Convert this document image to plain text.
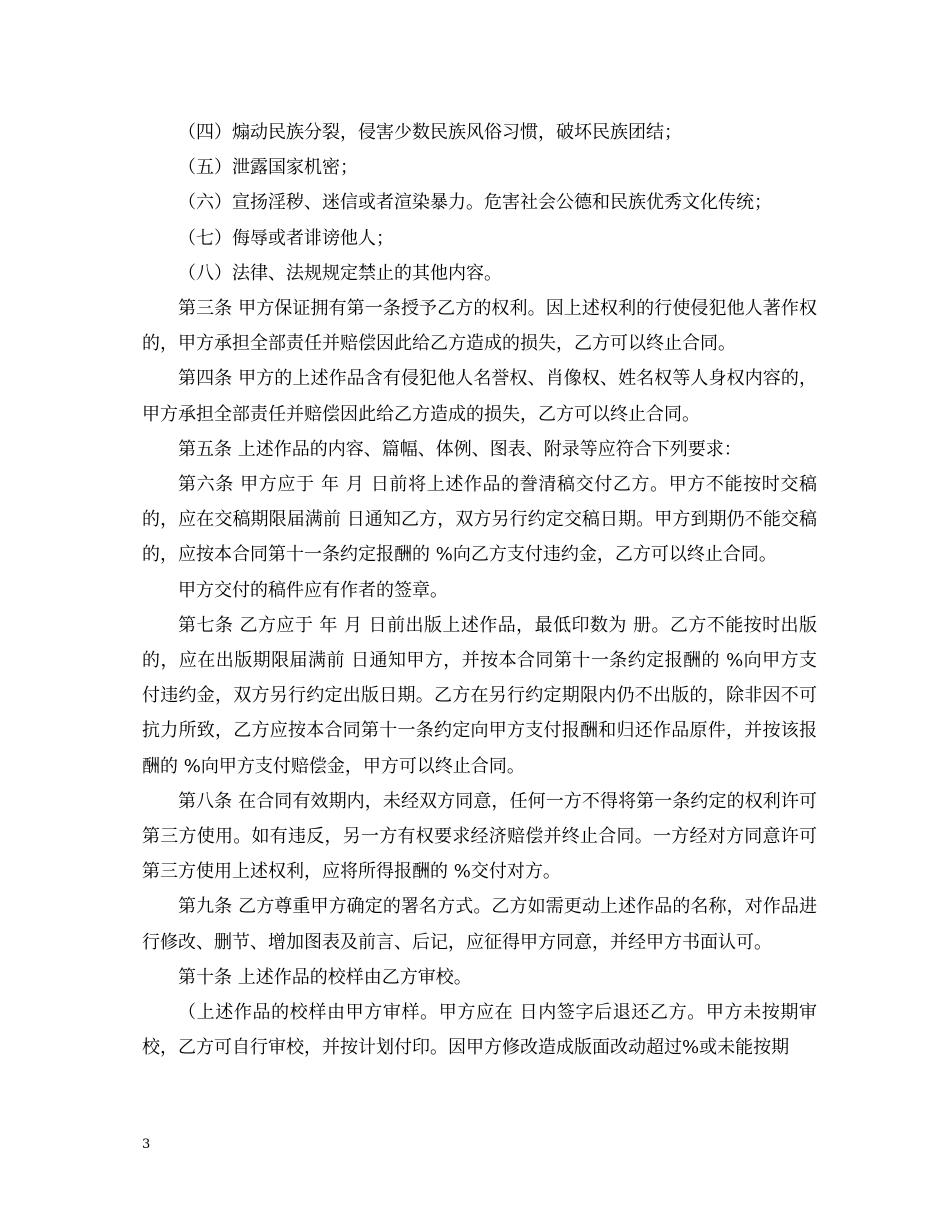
（四）煽动民族分裂，侵害少数民族风俗习惯，破坏民族团结；

（五）泄露国家机密；

（六）宣扬淫秽、迷信或者渲染暴力。危害社会公德和民族优秀文化传统；

（七）侮辱或者诽谤他人；

（八）法律、法规规定禁止的其他内容。

第三条 甲方保证拥有第一条授予乙方的权利。因上述权利的行使侵犯他人著作权的，甲方承担全部责任并赔偿因此给乙方造成的损失，乙方可以终止合同。

第四条 甲方的上述作品含有侵犯他人名誉权、肖像权、姓名权等人身权内容的，甲方承担全部责任并赔偿因此给乙方造成的损失，乙方可以终止合同。

第五条 上述作品的内容、篇幅、体例、图表、附录等应符合下列要求：

第六条 甲方应于 年 月 日前将上述作品的誊清稿交付乙方。甲方不能按时交稿的，应在交稿期限届满前 日通知乙方，双方另行约定交稿日期。甲方到期仍不能交稿的，应按本合同第十一条约定报酬的 %向乙方支付违约金，乙方可以终止合同。

甲方交付的稿件应有作者的签章。

第七条 乙方应于 年 月 日前出版上述作品，最低印数为 册。乙方不能按时出版的，应在出版期限届满前 日通知甲方，并按本合同第十一条约定报酬的 %向甲方支付违约金，双方另行约定出版日期。乙方在另行约定期限内仍不出版的，除非因不可抗力所致，乙方应按本合同第十一条约定向甲方支付报酬和归还作品原件，并按该报酬的 %向甲方支付赔偿金，甲方可以终止合同。

第八条 在合同有效期内，未经双方同意，任何一方不得将第一条约定的权利许可第三方使用。如有违反，另一方有权要求经济赔偿并终止合同。一方经对方同意许可第三方使用上述权利，应将所得报酬的 %交付对方。

第九条 乙方尊重甲方确定的署名方式。乙方如需更动上述作品的名称，对作品进行修改、删节、增加图表及前言、后记，应征得甲方同意，并经甲方书面认可。

第十条 上述作品的校样由乙方审校。

（上述作品的校样由甲方审样。甲方应在 日内签字后退还乙方。甲方未按期审校，乙方可自行审校，并按计划付印。因甲方修改造成版面改动超过%或未能按期

3
